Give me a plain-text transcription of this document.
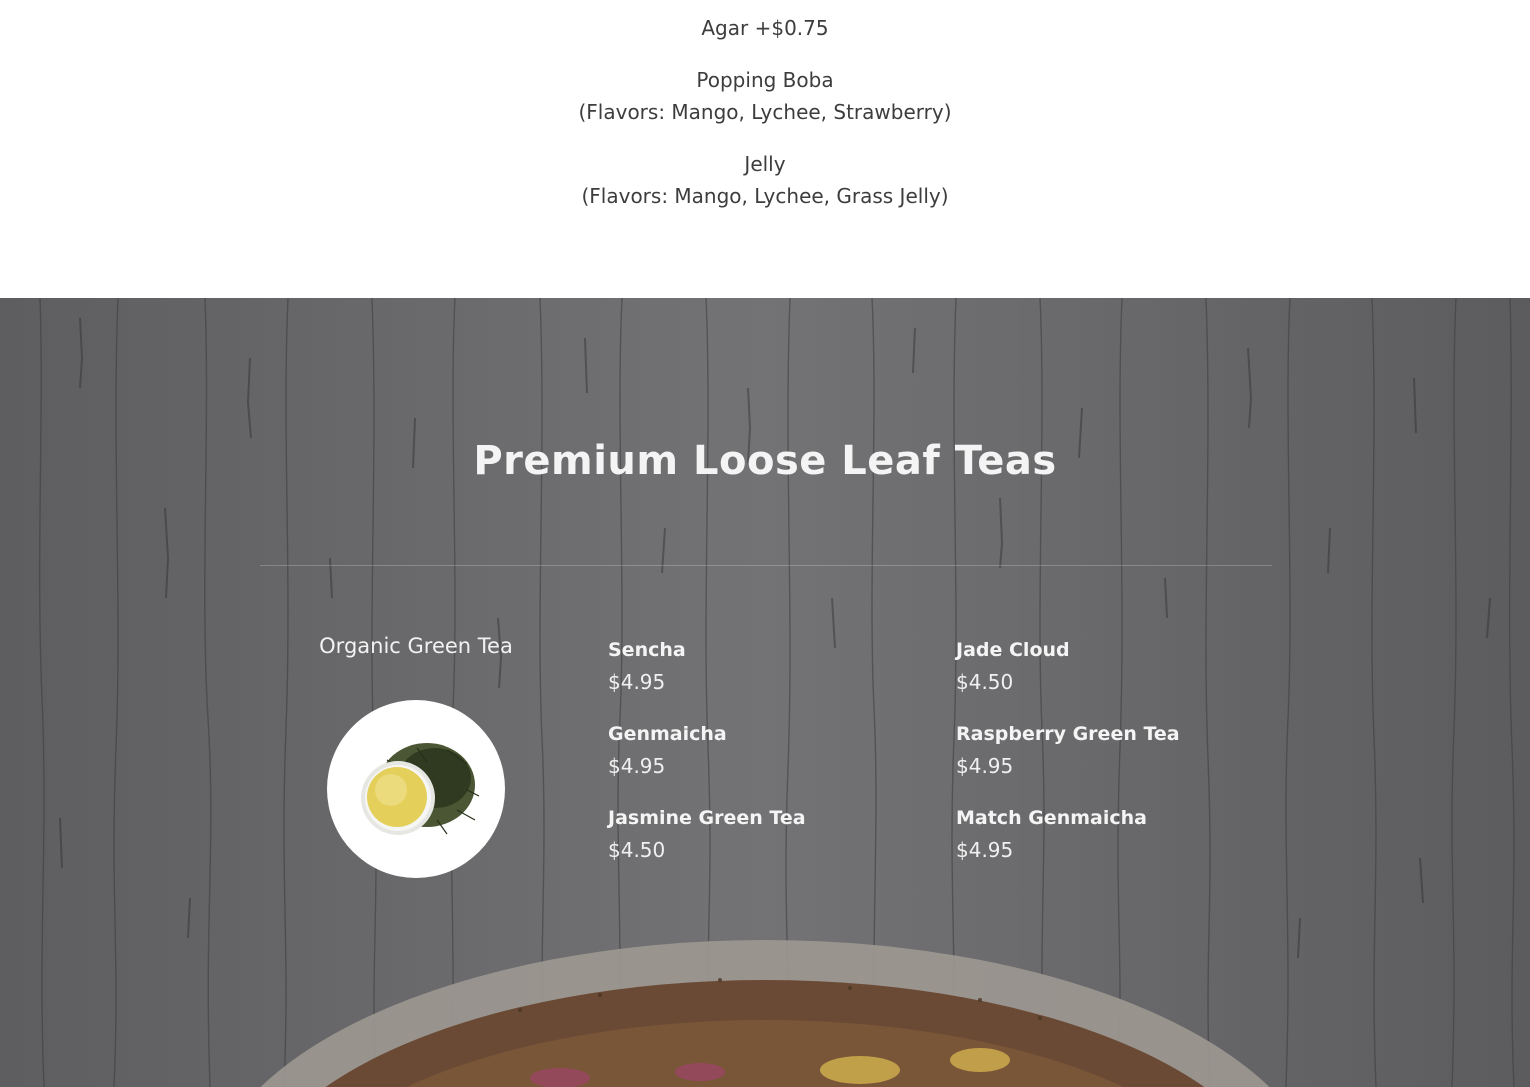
Agar +$0.75
Popping Boba
(Flavors: Mango, Lychee, Strawberry)
Jelly
(Flavors: Mango, Lychee, Grass Jelly)
Premium Loose Leaf Teas
Organic Green Tea	Sencha
$4.95
Jade Cloud
$4.50
Genmaicha
$4.95
Raspberry Green Tea
$4.95
Jasmine Green Tea
$4.50
Match Genmaicha
$4.95
